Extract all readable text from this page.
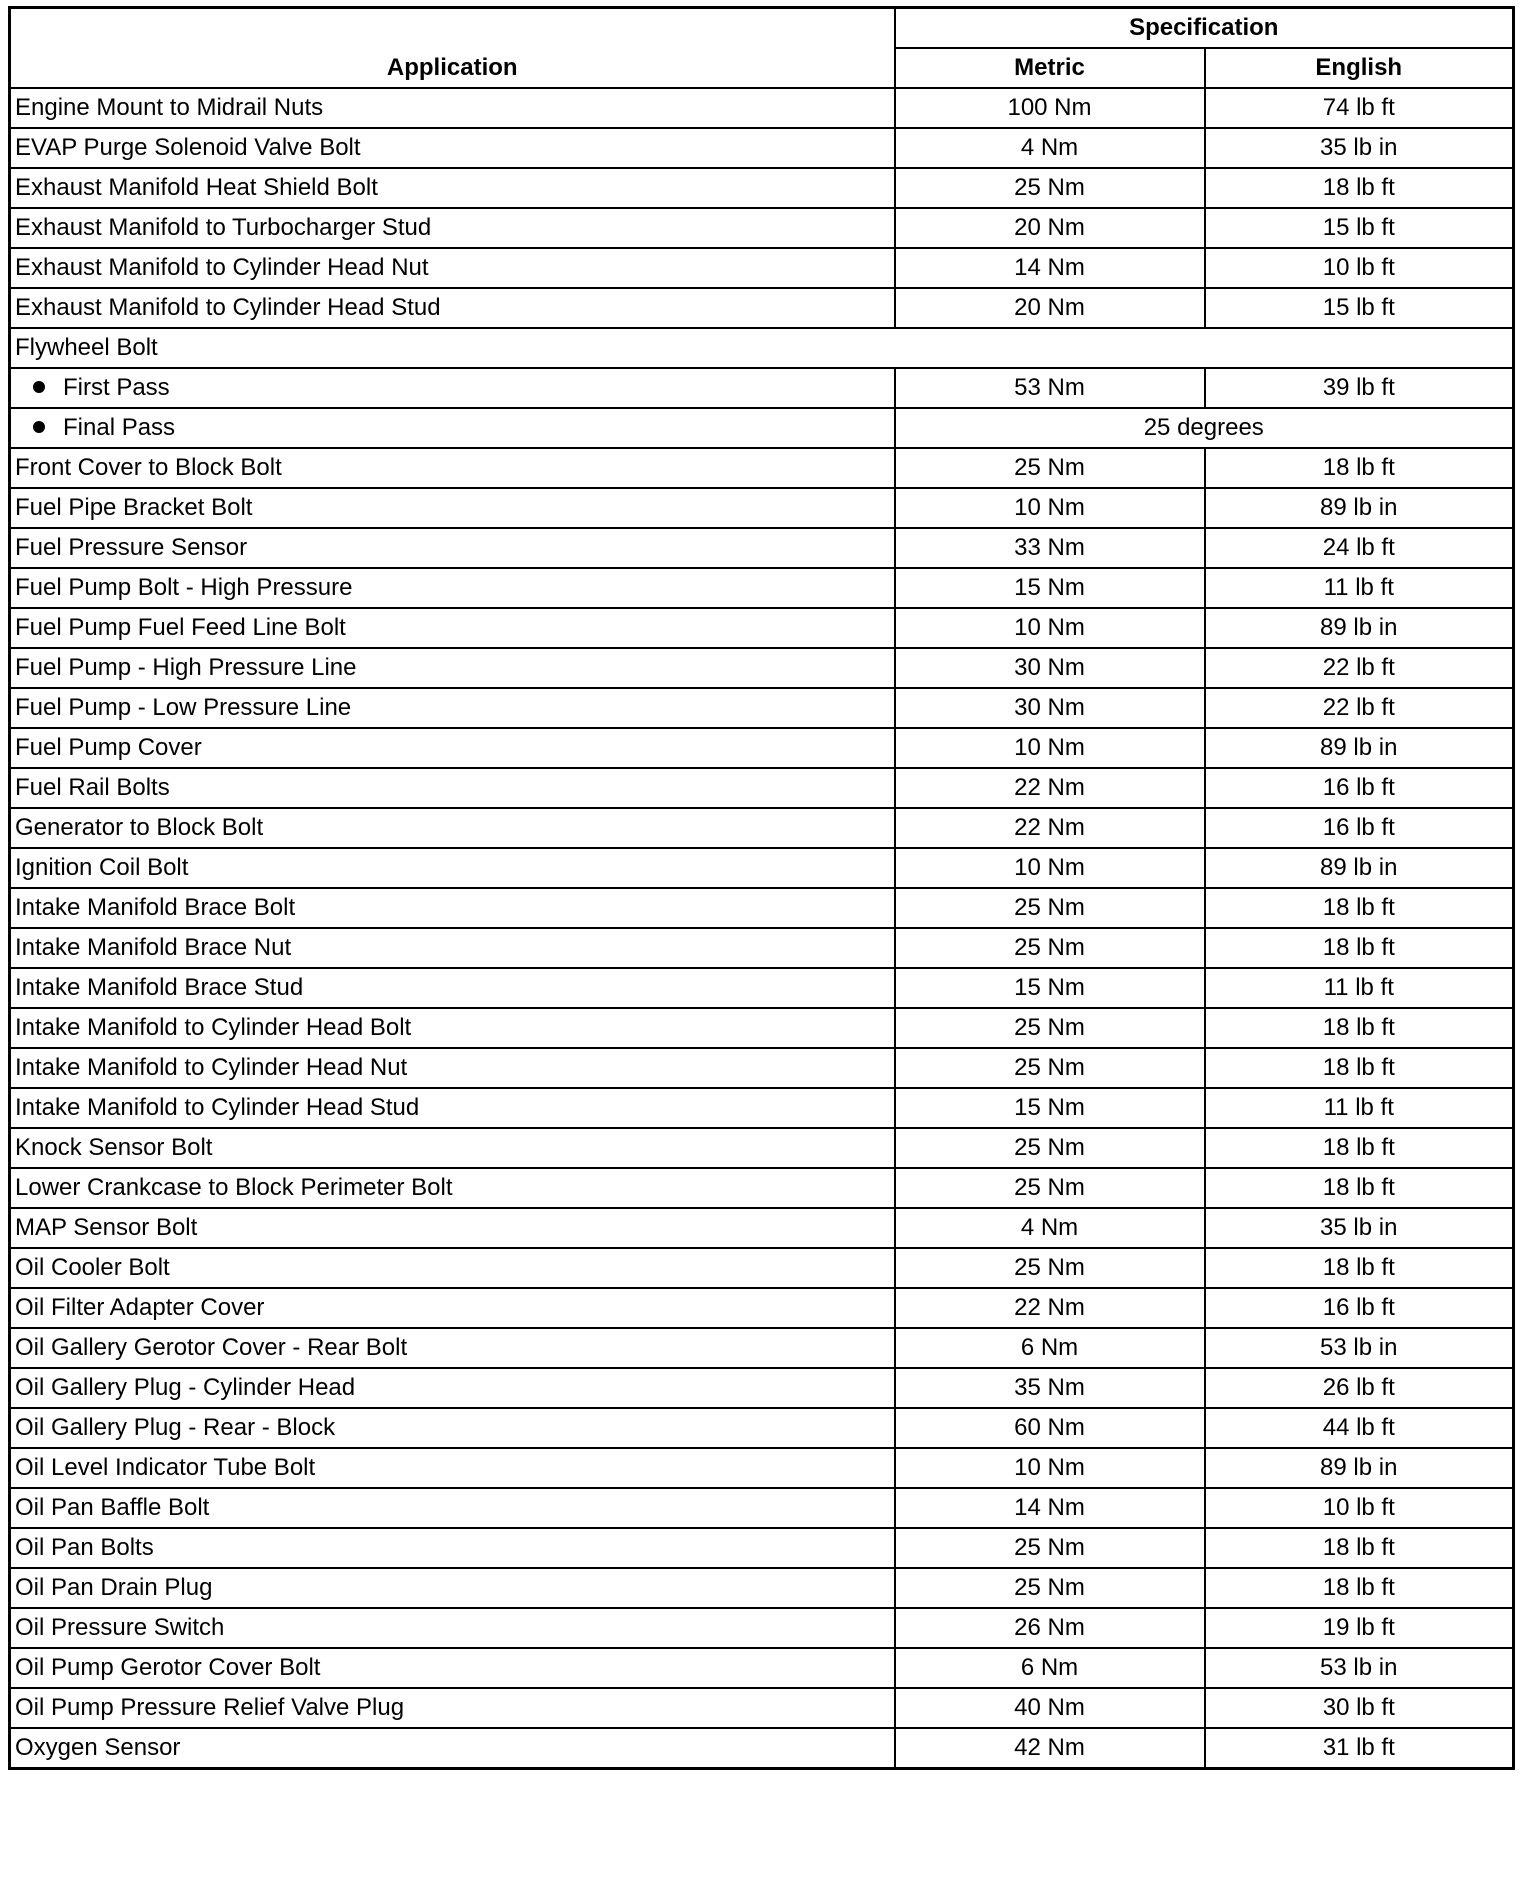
Application	Specification	
	Metric	English
Engine Mount to Midrail Nuts	100 Nm	74 lb ft
EVAP Purge Solenoid Valve Bolt	4 Nm	35 lb in
Exhaust Manifold Heat Shield Bolt	25 Nm	18 lb ft
Exhaust Manifold to Turbocharger Stud	20 Nm	15 lb ft
Exhaust Manifold to Cylinder Head Nut	14 Nm	10 lb ft
Exhaust Manifold to Cylinder Head Stud	20 Nm	15 lb ft
Flywheel Bolt		
First Pass	53 Nm	39 lb ft
Final Pass	25 degrees	
Front Cover to Block Bolt	25 Nm	18 lb ft
Fuel Pipe Bracket Bolt	10 Nm	89 lb in
Fuel Pressure Sensor	33 Nm	24 lb ft
Fuel Pump Bolt - High Pressure	15 Nm	11 lb ft
Fuel Pump Fuel Feed Line Bolt	10 Nm	89 lb in
Fuel Pump - High Pressure Line	30 Nm	22 lb ft
Fuel Pump - Low Pressure Line	30 Nm	22 lb ft
Fuel Pump Cover	10 Nm	89 lb in
Fuel Rail Bolts	22 Nm	16 lb ft
Generator to Block Bolt	22 Nm	16 lb ft
Ignition Coil Bolt	10 Nm	89 lb in
Intake Manifold Brace Bolt	25 Nm	18 lb ft
Intake Manifold Brace Nut	25 Nm	18 lb ft
Intake Manifold Brace Stud	15 Nm	11 lb ft
Intake Manifold to Cylinder Head Bolt	25 Nm	18 lb ft
Intake Manifold to Cylinder Head Nut	25 Nm	18 lb ft
Intake Manifold to Cylinder Head Stud	15 Nm	11 lb ft
Knock Sensor Bolt	25 Nm	18 lb ft
Lower Crankcase to Block Perimeter Bolt	25 Nm	18 lb ft
MAP Sensor Bolt	4 Nm	35 lb in
Oil Cooler Bolt	25 Nm	18 lb ft
Oil Filter Adapter Cover	22 Nm	16 lb ft
Oil Gallery Gerotor Cover - Rear Bolt	6 Nm	53 lb in
Oil Gallery Plug - Cylinder Head	35 Nm	26 lb ft
Oil Gallery Plug - Rear - Block	60 Nm	44 lb ft
Oil Level Indicator Tube Bolt	10 Nm	89 lb in
Oil Pan Baffle Bolt	14 Nm	10 lb ft
Oil Pan Bolts	25 Nm	18 lb ft
Oil Pan Drain Plug	25 Nm	18 lb ft
Oil Pressure Switch	26 Nm	19 lb ft
Oil Pump Gerotor Cover Bolt	6 Nm	53 lb in
Oil Pump Pressure Relief Valve Plug	40 Nm	30 lb ft
Oxygen Sensor	42 Nm	31 lb ft
